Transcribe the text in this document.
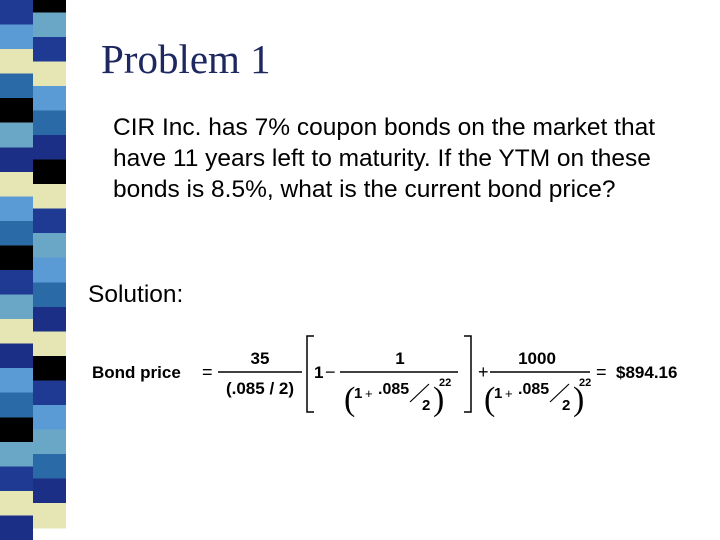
Problem 1

CIR Inc. has 7% coupon bonds on the market that have 11 years left to maturity. If the YTM on these bonds is 8.5%, what is the current bond price?

Solution:

Bond price =
35
(.085 / 2)
1 −
1
(
1 + .085
2 )
22
+
1000
(
1 + .085
2 )
22
= $894.16
